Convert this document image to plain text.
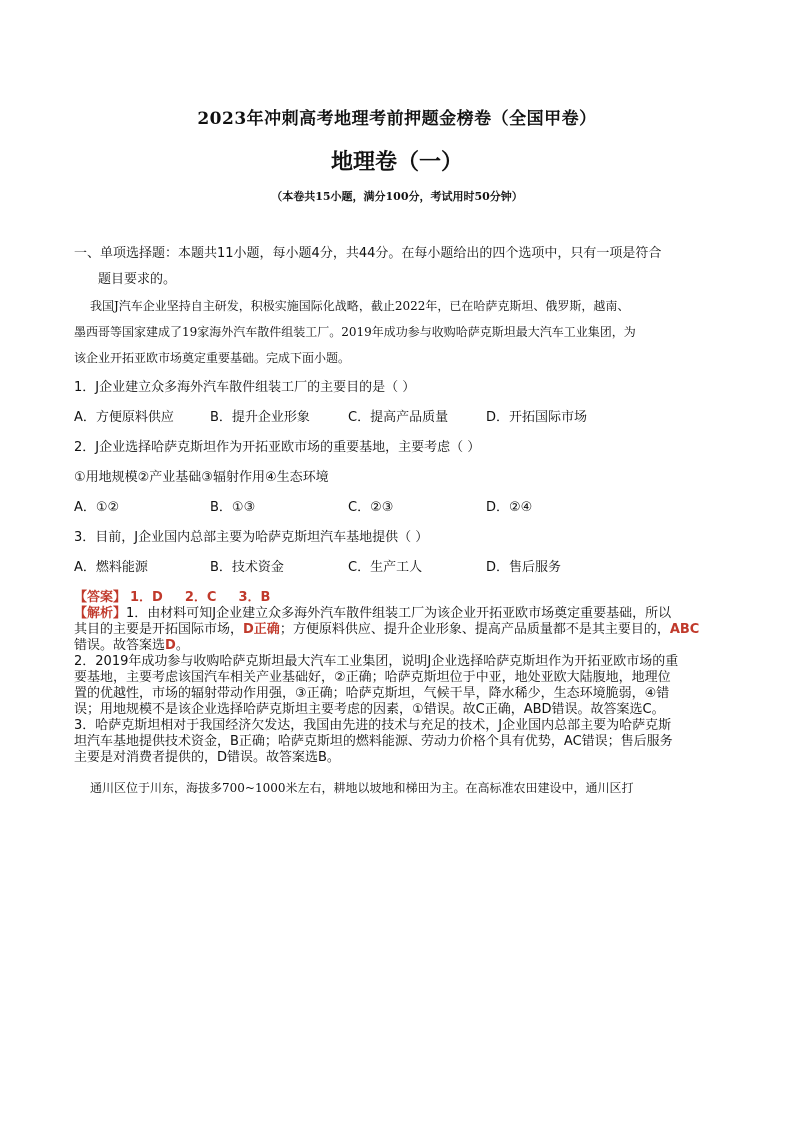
2023年冲刺高考地理考前押题金榜卷（全国甲卷）
地理卷（一）
（本卷共15小题，满分100分，考试用时50分钟）

一、单项选择题：本题共11小题，每小题4分，共44分。在每小题给出的四个选项中，只有一项是符合

题目要求的。

我国J汽车企业坚持自主研发，积极实施国际化战略，截止2022年，已在哈萨克斯坦、俄罗斯，越南、

墨西哥等国家建成了19家海外汽车散件组装工厂。2019年成功参与收购哈萨克斯坦最大汽车工业集团，为

该企业开拓亚欧市场奠定重要基础。完成下面小题。

1．J企业建立众多海外汽车散件组装工厂的主要目的是（ ）

A．方便原料供应	B．提升企业形象	C．提高产品质量	D．开拓国际市场

2．J企业选择哈萨克斯坦作为开拓亚欧市场的重要基地，主要考虑（ ）

①用地规模②产业基础③辐射作用④生态环境

A．①②	B．①③	C．②③	D．②④

3．目前，J企业国内总部主要为哈萨克斯坦汽车基地提供（ ）

A．燃料能源	B．技术资金	C．生产工人	D．售后服务
【答案】 1．D 2．C 3．B

【解析】1．由材料可知J企业建立众多海外汽车散件组装工厂为该企业开拓亚欧市场奠定重要基础，所以

其目的主要是开拓国际市场，D正确；方便原料供应、提升企业形象、提高产品质量都不是其主要目的，ABC

错误。故答案选D。

2．2019年成功参与收购哈萨克斯坦最大汽车工业集团，说明J企业选择哈萨克斯坦作为开拓亚欧市场的重

要基地，主要考虑该国汽车相关产业基础好，②正确；哈萨克斯坦位于中亚，地处亚欧大陆腹地，地理位

置的优越性，市场的辐射带动作用强，③正确；哈萨克斯坦，气候干旱，降水稀少，生态环境脆弱，④错

误；用地规模不是该企业选择哈萨克斯坦主要考虑的因素，①错误。故C正确，ABD错误。故答案选C。

3．哈萨克斯坦相对于我国经济欠发达，我国由先进的技术与充足的技术，J企业国内总部主要为哈萨克斯

坦汽车基地提供技术资金，B正确；哈萨克斯坦的燃料能源、劳动力价格个具有优势，AC错误；售后服务

主要是对消费者提供的，D错误。故答案选B。

通川区位于川东，海拔多700~1000米左右，耕地以坡地和梯田为主。在高标准农田建设中，通川区打
